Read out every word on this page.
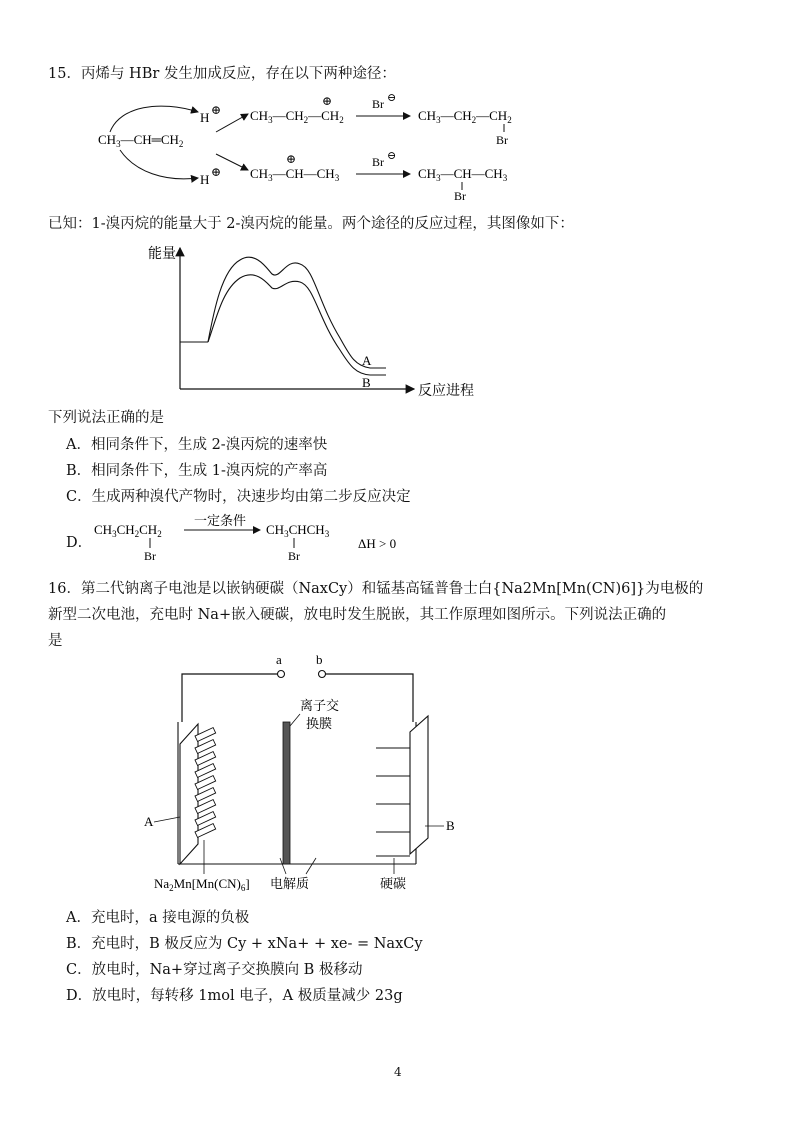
15．丙烯与 HBr 发生加成反应，存在以下两种途径：
$CH_3—CH═CH_2$
H ⊕
H ⊕
$CH_3—CH_2—CH_2$
⊕	Br ⊖
$CH_3—CH_2—CH_2$
Br
$CH_3—CH—CH_3$
⊕	Br ⊖
$CH_3—CH—CH_3$
Br
已知：1-溴丙烷的能量大于 2-溴丙烷的能量。两个途径的反应过程，其图像如下：
能量
反应进程
A
B
下列说法正确的是
A．相同条件下，生成 2-溴丙烷的速率快
B．相同条件下，生成 1-溴丙烷的产率高
C．生成两种溴代产物时，决速步均由第二步反应决定
D．
$CH_3CH_2CH_2$
Br
一定条件
$CH_3CHCH_3$
Br
ΔH > 0
16．第二代钠离子电池是以嵌钠硬碳（NaxCy）和锰基高锰普鲁士白{Na2Mn[Mn(CN)6]}为电极的
新型二次电池，充电时 Na+嵌入硬碳，放电时发生脱嵌，其工作原理如图所示。下列说法正确的
是
a	b
离子交
换膜
A	B
$Na_2Mn[Mn(CN)_6]$ 电解质	硬碳
A．充电时，a 接电源的负极
B．充电时，B 极反应为 Cy + xNa+ + xe- = NaxCy
C．放电时，Na+穿过离子交换膜向 B 极移动
D．放电时，每转移 1mol 电子，A 极质量减少 23g
4
